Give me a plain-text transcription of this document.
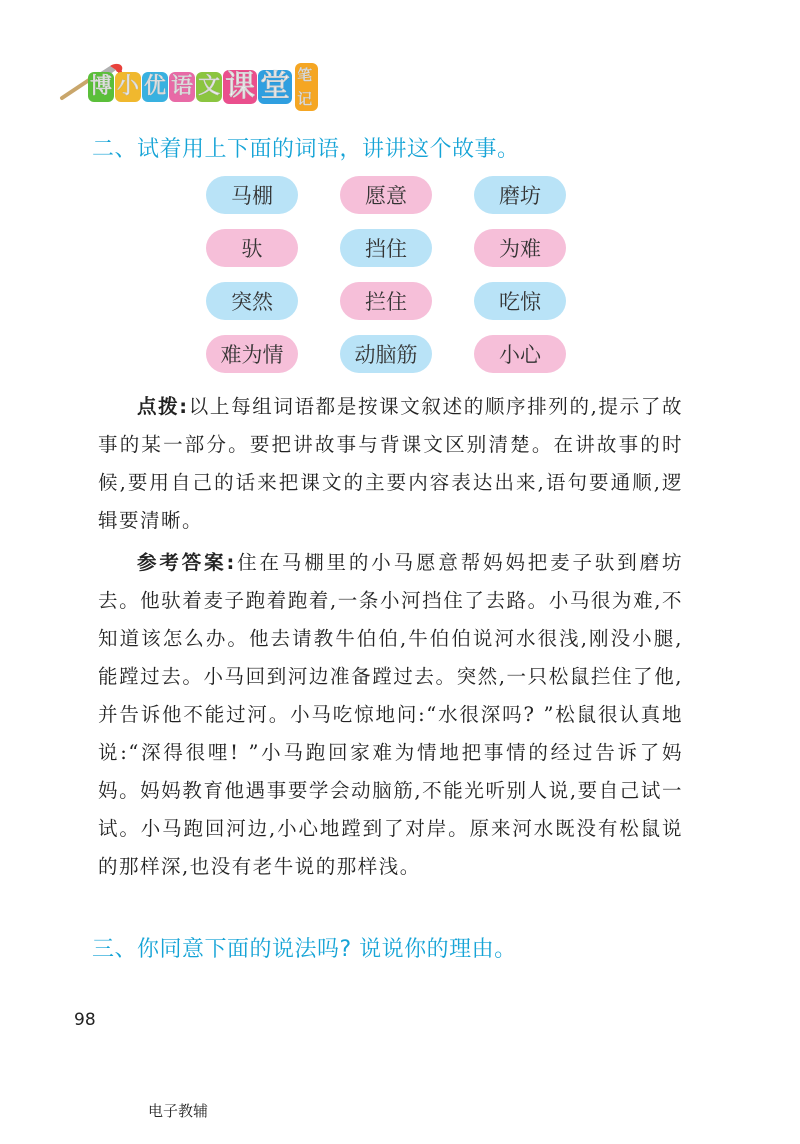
博 小 优 语 文 课 堂 笔记
二、试着用上下面的词语，讲讲这个故事。
马棚	愿意	磨坊
驮	挡住	为难
突然	拦住	吃惊
难为情	动脑筋	小心

点拨:以上每组词语都是按课文叙述的顺序排列的,提示了故事的某一部分。要把讲故事与背课文区别清楚。在讲故事的时候,要用自己的话来把课文的主要内容表达出来,语句要通顺,逻辑要清晰。

参考答案:住在马棚里的小马愿意帮妈妈把麦子驮到磨坊去。他驮着麦子跑着跑着,一条小河挡住了去路。小马很为难,不知道该怎么办。他去请教牛伯伯,牛伯伯说河水很浅,刚没小腿,能蹚过去。小马回到河边准备蹚过去。突然,一只松鼠拦住了他,并告诉他不能过河。小马吃惊地问:“水很深吗? ”松鼠很认真地说:“深得很哩! ”小马跑回家难为情地把事情的经过告诉了妈妈。妈妈教育他遇事要学会动脑筋,不能光听别人说,要自己试一试。小马跑回河边,小心地蹚到了对岸。原来河水既没有松鼠说的那样深,也没有老牛说的那样浅。

三、你同意下面的说法吗? 说说你的理由。
98
电子教辅
